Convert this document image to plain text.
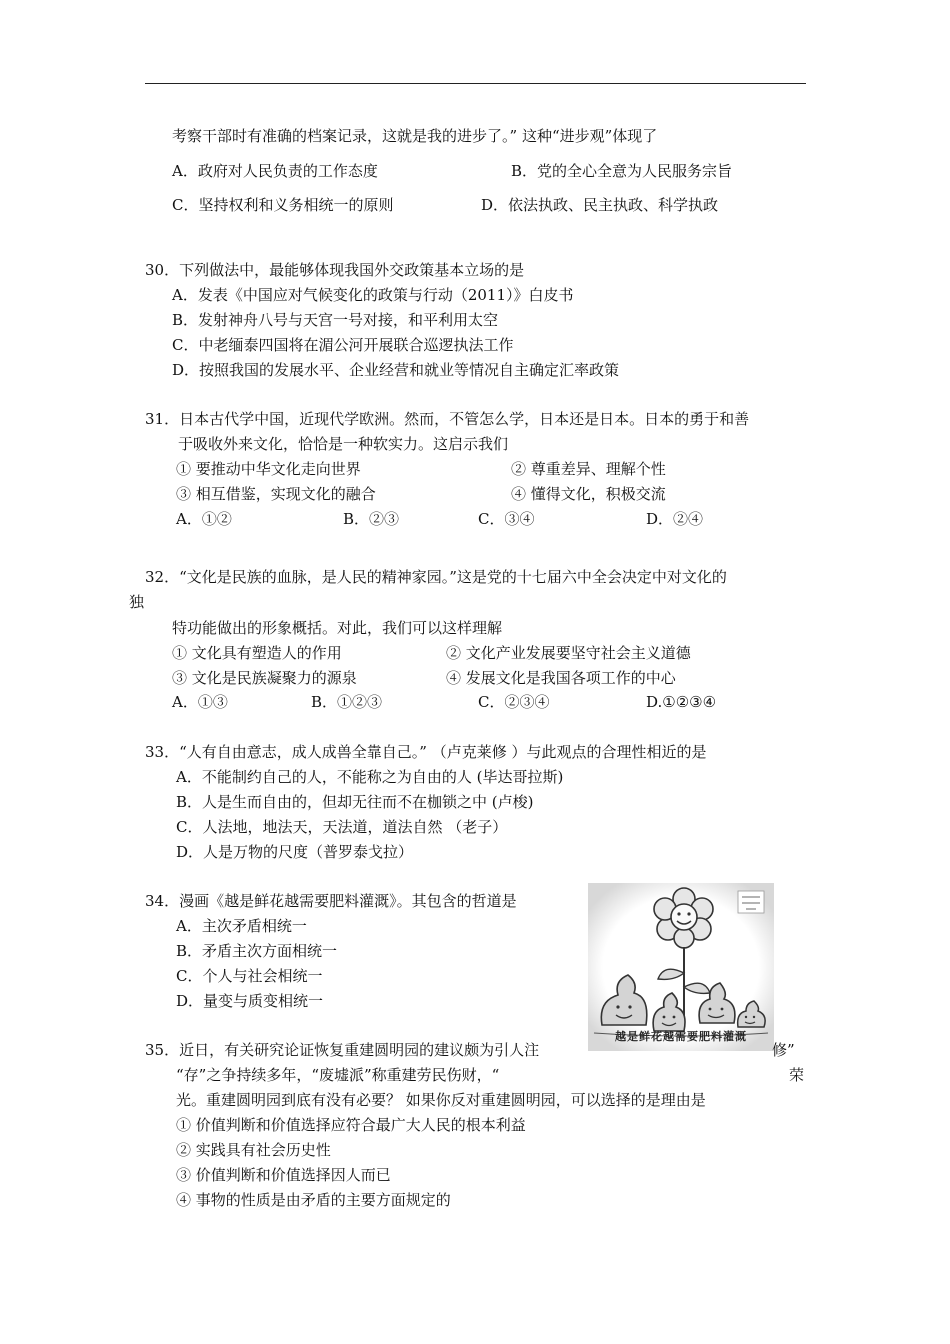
考察干部时有准确的档案记录，这就是我的进步了。” 这种“进步观”体现了
A．政府对人民负责的工作态度	B．党的全心全意为人民服务宗旨
C．坚持权利和义务相统一的原则	D．依法执政、民主执政、科学执政
30．下列做法中，最能够体现我国外交政策基本立场的是
A．发表《中国应对气候变化的政策与行动（2011）》白皮书
B．发射神舟八号与天宫一号对接，和平利用太空
C．中老缅泰四国将在湄公河开展联合巡逻执法工作
D．按照我国的发展水平、企业经营和就业等情况自主确定汇率政策
31．日本古代学中国，近现代学欧洲。然而，不管怎么学，日本还是日本。日本的勇于和善
于吸收外来文化，恰恰是一种软实力。这启示我们
① 要推动中华文化走向世界	② 尊重差异、理解个性
③ 相互借鉴，实现文化的融合	④ 懂得文化，积极交流
A．①②	B．②③	C．③④	D．②④
32．“文化是民族的血脉，是人民的精神家园。”这是党的十七届六中全会决定中对文化的
独
特功能做出的形象概括。对此，我们可以这样理解
① 文化具有塑造人的作用	② 文化产业发展要坚守社会主义道德
③ 文化是民族凝聚力的源泉	④ 发展文化是我国各项工作的中心
A．①③	B．①②③	C．②③④	D.①②③④
33．“人有自由意志，成人成兽全靠自己。” （卢克莱修 ）与此观点的合理性相近的是
A．不能制约自己的人，不能称之为自由的人 (毕达哥拉斯)
B．人是生而自由的，但却无往而不在枷锁之中 (卢梭)
C．人法地，地法天，天法道，道法自然 （老子）
D．人是万物的尺度（普罗泰戈拉）
34．漫画《越是鲜花越需要肥料灌溉》。其包含的哲道是
A．主次矛盾相统一
B．矛盾主次方面相统一
C．个人与社会相统一
D．量变与质变相统一
越是鲜花越需要肥料灌溉
35．近日，有关研究论证恢复重建圆明园的建议颇为引人注	修”
“存”之争持续多年，“废墟派”称重建劳民伤财，“	荣
光。重建圆明园到底有没有必要？ 如果你反对重建圆明园，可以选择的是理由是
① 价值判断和价值选择应符合最广大人民的根本利益
② 实践具有社会历史性
③ 价值判断和价值选择因人而已
④ 事物的性质是由矛盾的主要方面规定的
